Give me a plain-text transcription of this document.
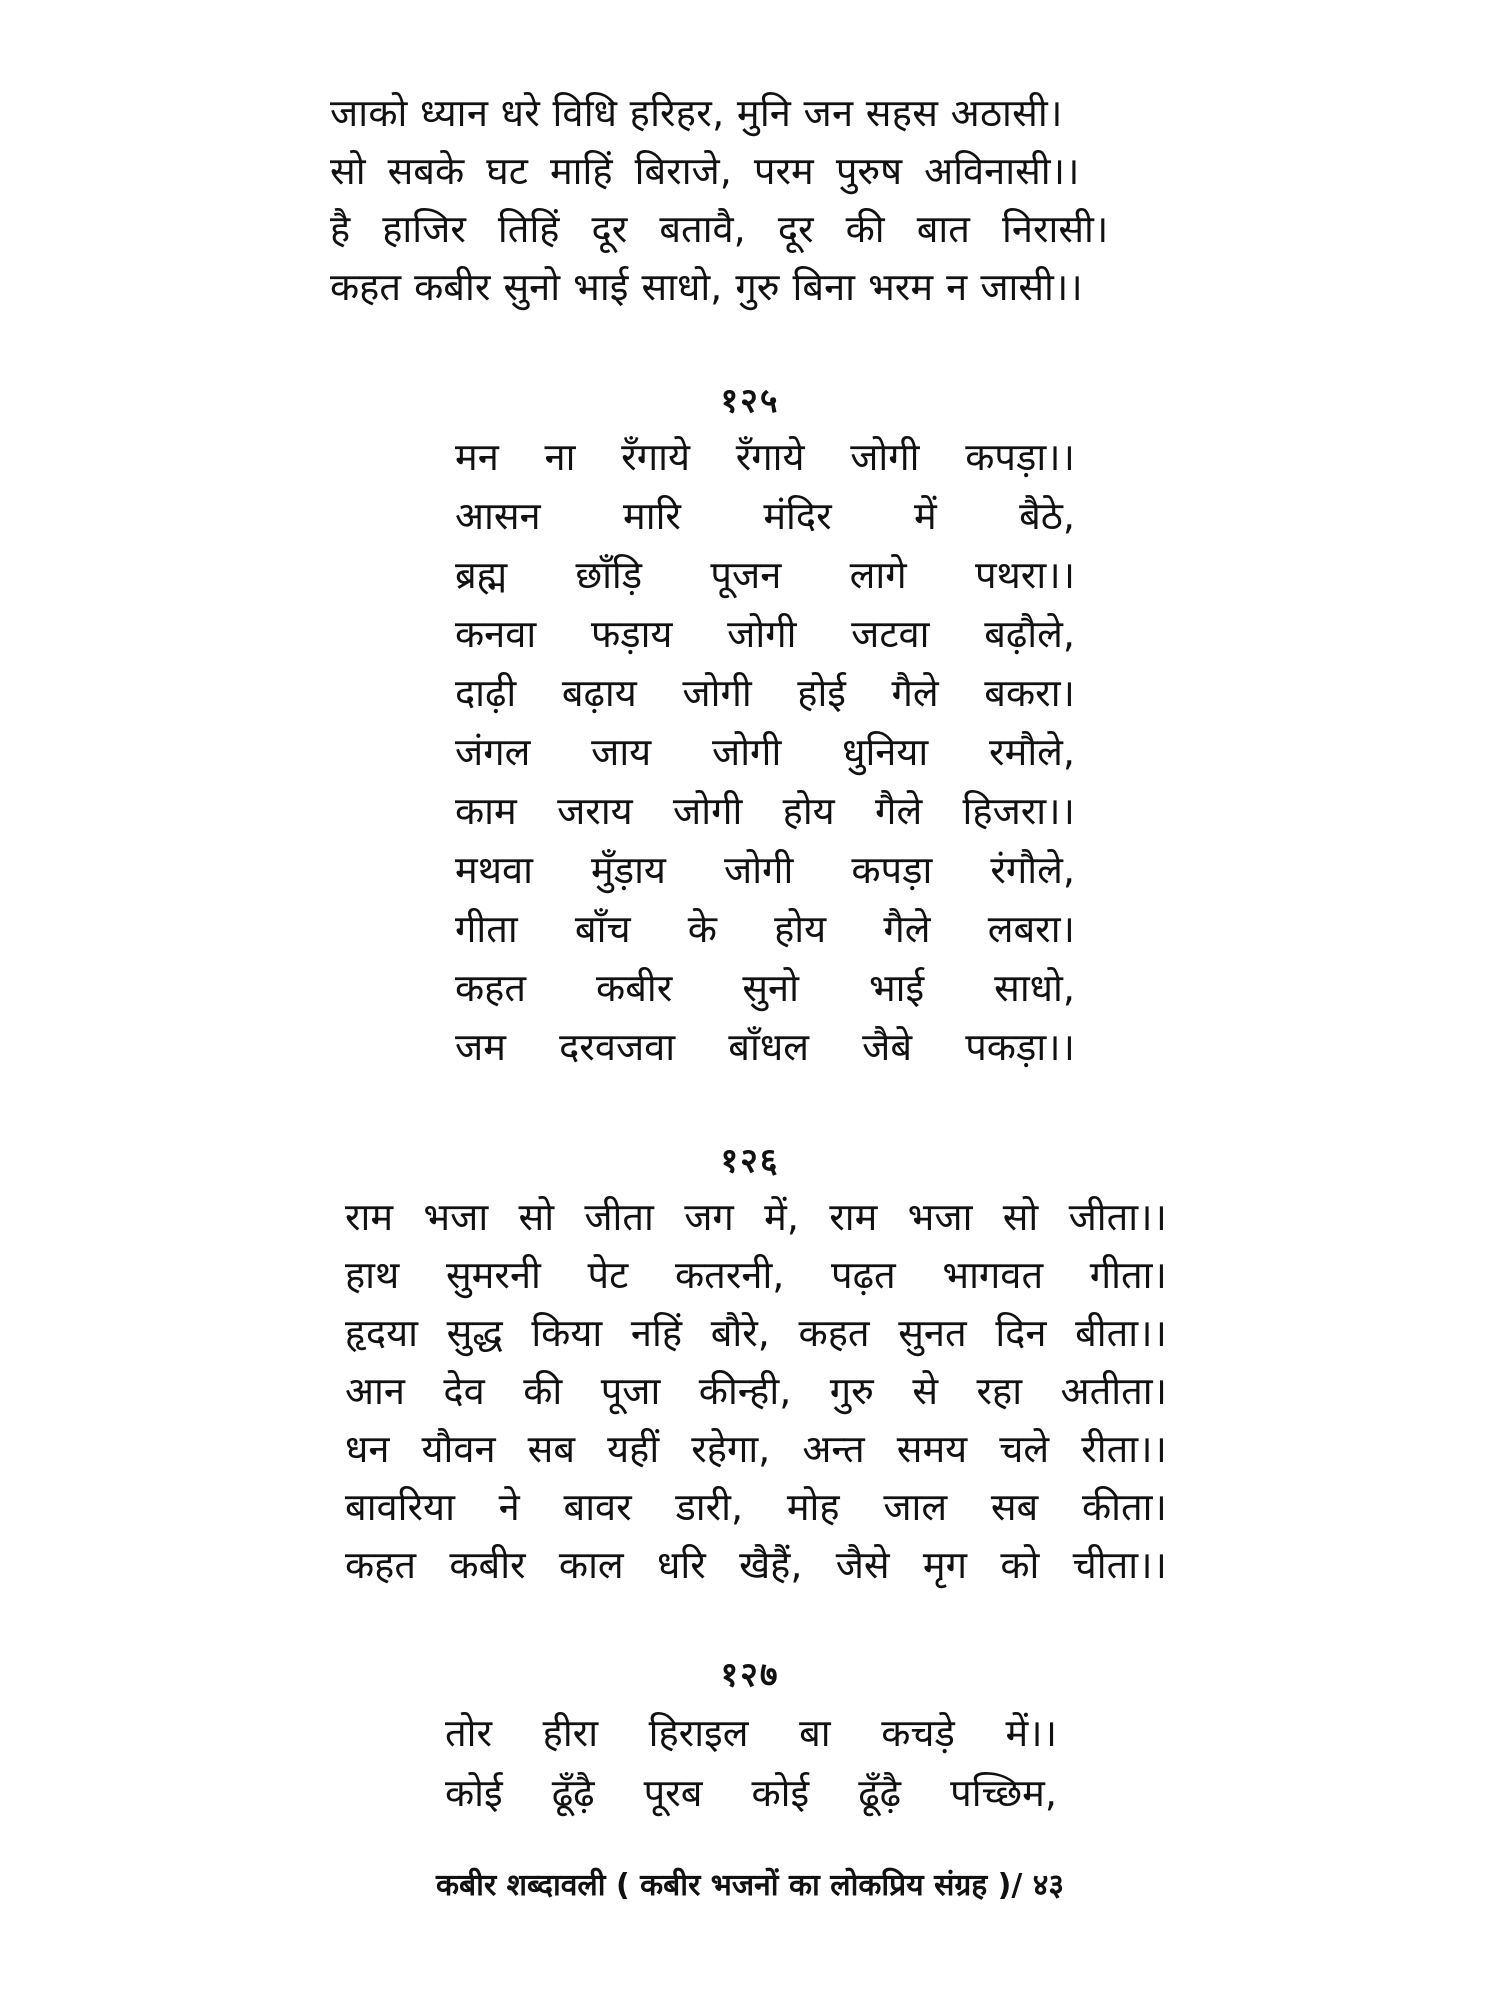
जाको ध्यान धरे विधि हरिहर, मुनि जन सहस अठासी।
सो सबके घट माहिं बिराजे, परम पुरुष अविनासी।।
है हाजिर तिहिं दूर बतावै, दूर की बात निरासी।
कहत कबीर सुनो भाई साधो, गुरु बिना भरम न जासी।।
१२५
मन ना रँगाये रँगाये जोगी कपड़ा।।
आसन मारि मंदिर में बैठे,
ब्रह्म छाँड़ि पूजन लागे पथरा।।
कनवा फड़ाय जोगी जटवा बढ़ौले,
दाढ़ी बढ़ाय जोगी होई गैले बकरा।
जंगल जाय जोगी धुनिया रमौले,
काम जराय जोगी होय गैले हिजरा।।
मथवा मुँड़ाय जोगी कपड़ा रंगौले,
गीता बाँच के होय गैले लबरा।
कहत कबीर सुनो भाई साधो,
जम दरवजवा बाँधल जैबे पकड़ा।।
१२६
राम भजा सो जीता जग में, राम भजा सो जीता।।
हाथ सुमरनी पेट कतरनी, पढ़त भागवत गीता।
हृदया सुद्ध किया नहिं बौरे, कहत सुनत दिन बीता।।
आन देव की पूजा कीन्ही, गुरु से रहा अतीता।
धन यौवन सब यहीं रहेगा, अन्त समय चले रीता।।
बावरिया ने बावर डारी, मोह जाल सब कीता।
कहत कबीर काल धरि खैहैं, जैसे मृग को चीता।।
१२७
तोर हीरा हिराइल बा कचड़े में।।
कोई ढूँढ़ै पूरब कोई ढूँढ़ै पच्छिम,
कबीर शब्दावली ( कबीर भजनों का लोकप्रिय संग्रह )/ ४३
